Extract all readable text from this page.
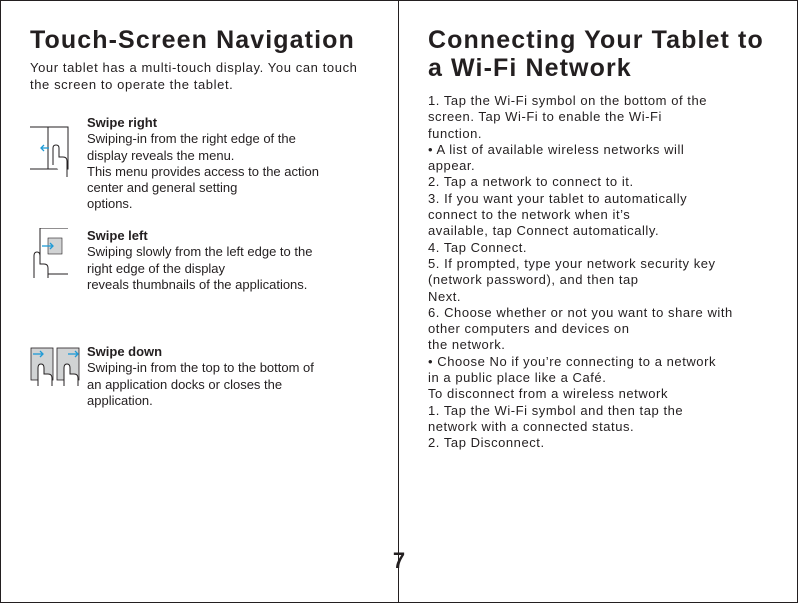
Touch-Screen Navigation

Your tablet has a multi-touch display. You can touch the screen to operate the tablet.

Swipe right
Swiping-in from the right edge of the
display reveals the menu.
This menu provides access to the action
center and general setting
options.
Swipe left
Swiping slowly from the left edge to the
right edge of the display
reveals thumbnails of the applications.
Swipe down
Swiping-in from the top to the bottom of
an application docks or closes the
application.
Connecting Your Tablet to
a Wi-Fi Network
1. Tap the Wi-Fi symbol on the bottom of the
screen. Tap Wi-Fi to enable the Wi-Fi
function.
• A list of available wireless networks will
appear.
2. Tap a network to connect to it.
3. If you want your tablet to automatically
connect to the network when it’s
available, tap Connect automatically.
4. Tap Connect.
5. If prompted, type your network security key
(network password), and then tap
Next.
6. Choose whether or not you want to share with
other computers and devices on
the network.
• Choose No if you’re connecting to a network
in a public place like a Café.
To disconnect from a wireless network
1. Tap the Wi-Fi symbol and then tap the
network with a connected status.
2. Tap Disconnect.
7
